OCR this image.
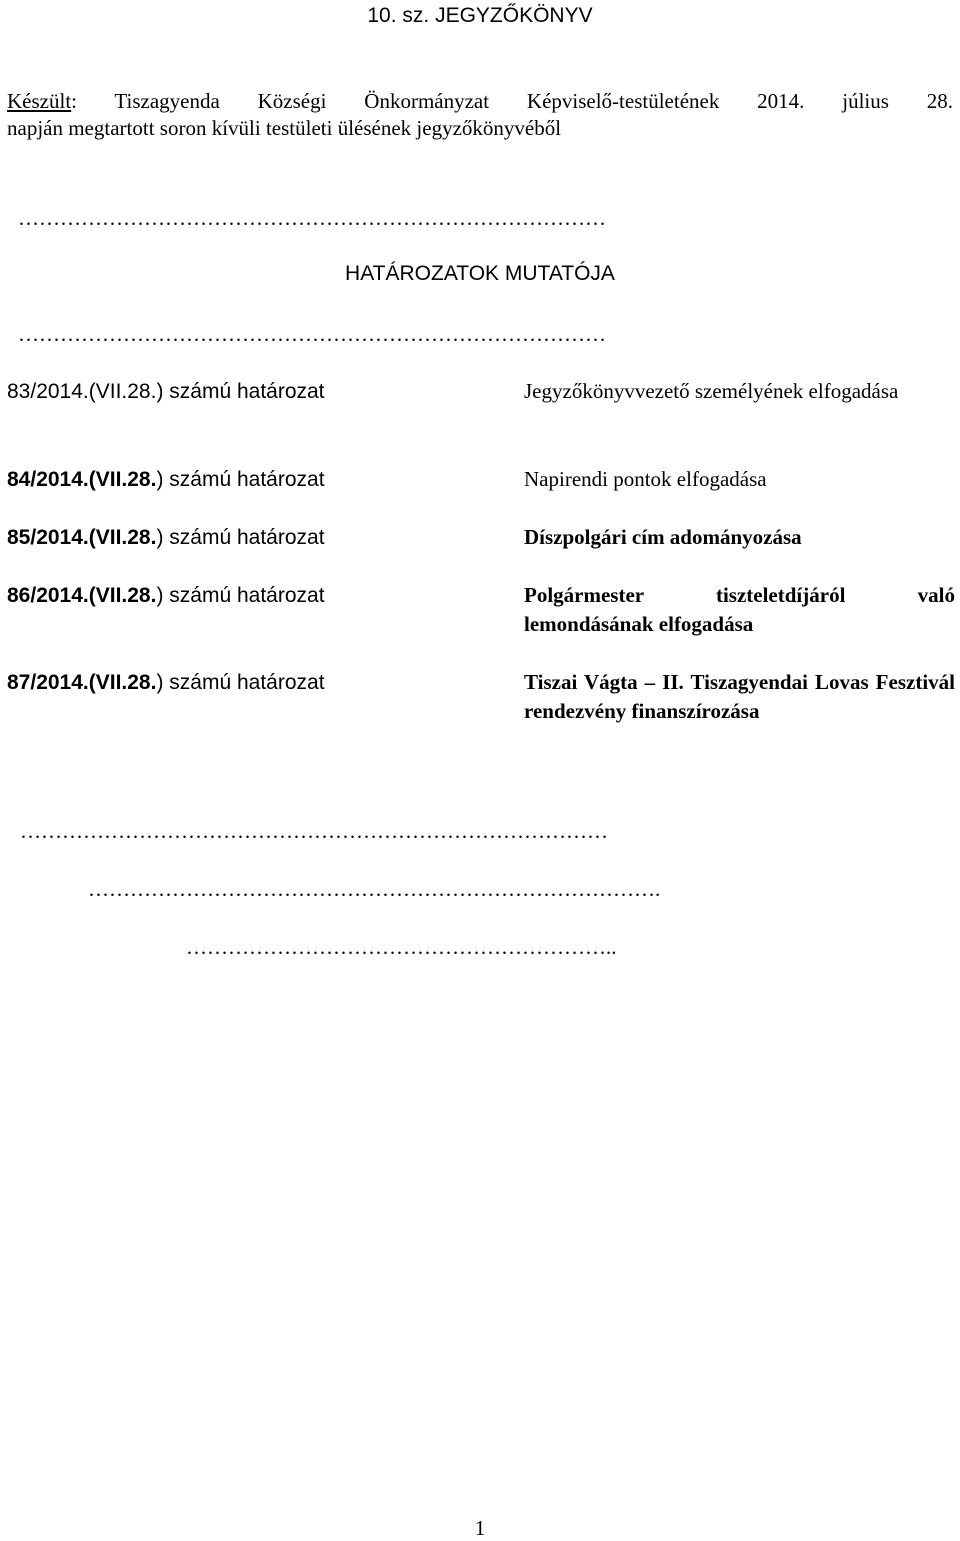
10. sz. JEGYZŐKÖNYV
Készült: Tiszagyenda Községi Önkormányzat Képviselő-testületének 2014. július 28.
napján megtartott soron kívüli testületi ülésének jegyzőkönyvéből
…………………………………………………………………………
HATÁROZATOK MUTATÓJA
…………………………………………………………………………
83/2014.(VII.28.) számú határozat	Jegyzőkönyvvezető személyének elfogadása
84/2014.(VII.28.) számú határozat	Napirendi pontok elfogadása
85/2014.(VII.28.) számú határozat	Díszpolgári cím adományozása
86/2014.(VII.28.) számú határozat	Polgármester tiszteletdíjáról való lemondásának elfogadása
87/2014.(VII.28.) számú határozat	Tiszai Vágta – II. Tiszagyendai Lovas Fesztivál rendezvény finanszírozása
…………………………………………………………………………
……………………………………………………………………….
……………………………………………………..
1
